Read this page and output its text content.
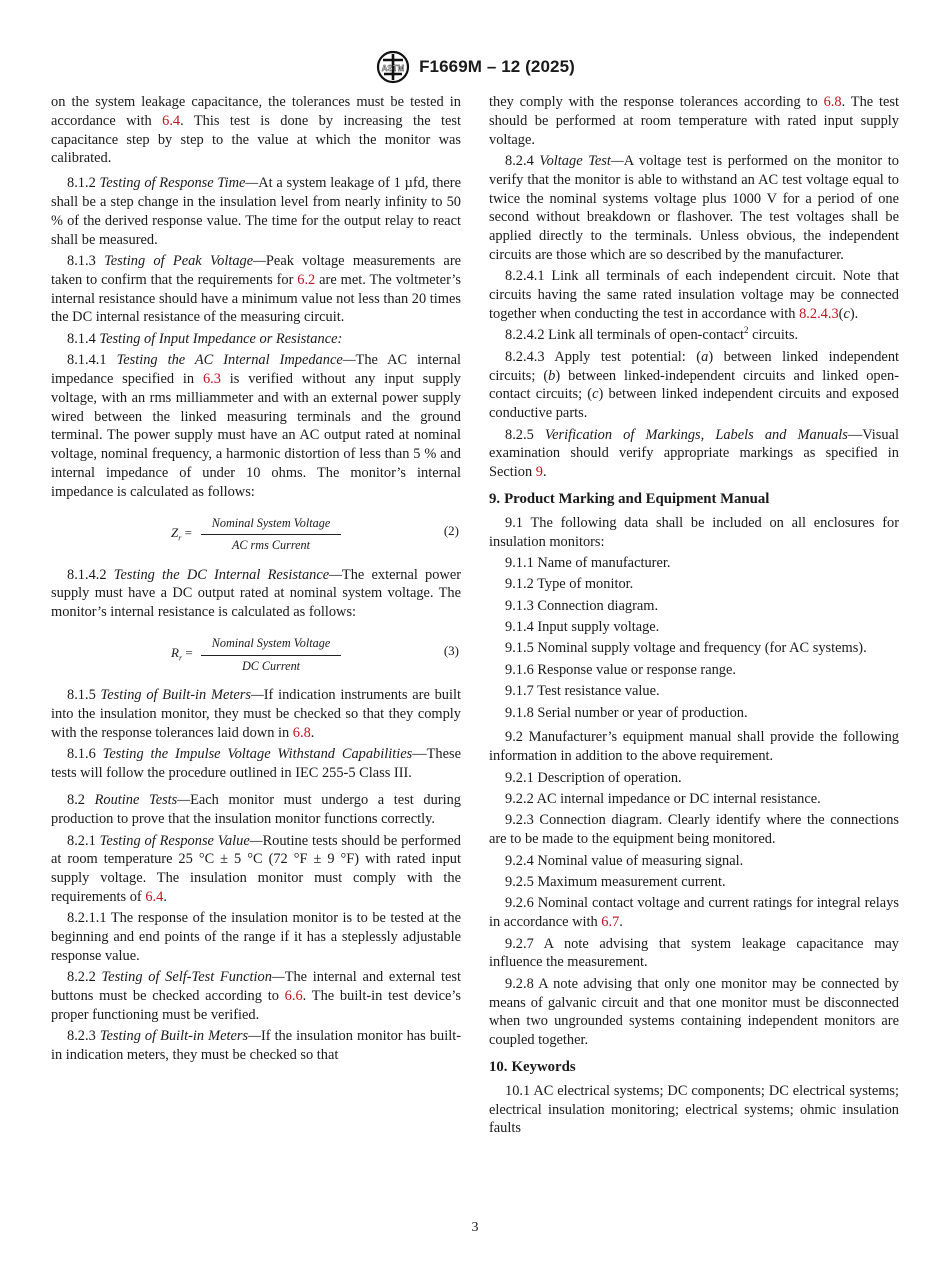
ASTM F1669M – 12 (2025)

on the system leakage capacitance, the tolerances must be tested in accordance with 6.4. This test is done by increasing the test capacitance step by step to the value at which the monitor was calibrated.

8.1.2 Testing of Response Time—At a system leakage of 1 µfd, there shall be a step change in the insulation level from nearly infinity to 50 % of the derived response value. The time for the output relay to react shall be measured.

8.1.3 Testing of Peak Voltage—Peak voltage measurements are taken to confirm that the requirements for 6.2 are met. The voltmeter’s internal resistance should have a minimum value not less than 20 times the DC internal resistance of the measuring circuit.

8.1.4 Testing of Input Impedance or Resistance:

8.1.4.1 Testing the AC Internal Impedance—The AC internal impedance specified in 6.3 is verified without any input supply voltage, with an rms milliammeter and with an external power supply wired between the linked measuring terminals and the ground terminal. The power supply must have an AC output rated at nominal voltage, nominal frequency, a harmonic distortion of less than 5 % and internal impedance of under 10 ohms. The monitor’s internal impedance is calculated as follows:

$Z_r$ =
Nominal System Voltage
AC rms Current
(2)

8.1.4.2 Testing the DC Internal Resistance—The external power supply must have a DC output rated at nominal system voltage. The monitor’s internal resistance is calculated as follows:

$R_r$ =
Nominal System Voltage
DC Current
(3)

8.1.5 Testing of Built-in Meters—If indication instruments are built into the insulation monitor, they must be checked so that they comply with the response tolerances laid down in 6.8.

8.1.6 Testing the Impulse Voltage Withstand Capabilities—These tests will follow the procedure outlined in IEC 255-5 Class III.

8.2 Routine Tests—Each monitor must undergo a test during production to prove that the insulation monitor functions correctly.

8.2.1 Testing of Response Value—Routine tests should be performed at room temperature 25 °C ± 5 °C (72 °F ± 9 °F) with rated input supply voltage. The insulation monitor must comply with the requirements of 6.4.

8.2.1.1 The response of the insulation monitor is to be tested at the beginning and end points of the range if it has a steplessly adjustable response value.

8.2.2 Testing of Self-Test Function—The internal and external test buttons must be checked according to 6.6. The built-in test device’s proper functioning must be verified.

8.2.3 Testing of Built-in Meters—If the insulation monitor has built-in indication meters, they must be checked so that

they comply with the response tolerances according to 6.8. The test should be performed at room temperature with rated input supply voltage.

8.2.4 Voltage Test—A voltage test is performed on the monitor to verify that the monitor is able to withstand an AC test voltage equal to twice the nominal systems voltage plus 1000 V for a period of one second without breakdown or flashover. The test voltages shall be applied directly to the terminals. Unless obvious, the independent circuits are those which are so described by the manufacturer.

8.2.4.1 Link all terminals of each independent circuit. Note that circuits having the same rated insulation voltage may be connected together when conducting the test in accordance with 8.2.4.3(c).

8.2.4.2 Link all terminals of open-contact$^2$ circuits.

8.2.4.3 Apply test potential: (a) between linked independent circuits; (b) between linked-independent circuits and linked open-contact circuits; (c) between linked independent circuits and exposed conductive parts.

8.2.5 Verification of Markings, Labels and Manuals—Visual examination should verify appropriate markings as specified in Section 9.

9. Product Marking and Equipment Manual

9.1 The following data shall be included on all enclosures for insulation monitors:

9.1.1 Name of manufacturer.

9.1.2 Type of monitor.

9.1.3 Connection diagram.

9.1.4 Input supply voltage.

9.1.5 Nominal supply voltage and frequency (for AC systems).

9.1.6 Response value or response range.

9.1.7 Test resistance value.

9.1.8 Serial number or year of production.

9.2 Manufacturer’s equipment manual shall provide the following information in addition to the above requirement.

9.2.1 Description of operation.

9.2.2 AC internal impedance or DC internal resistance.

9.2.3 Connection diagram. Clearly identify where the connections are to be made to the equipment being monitored.

9.2.4 Nominal value of measuring signal.

9.2.5 Maximum measurement current.

9.2.6 Nominal contact voltage and current ratings for integral relays in accordance with 6.7.

9.2.7 A note advising that system leakage capacitance may influence the measurement.

9.2.8 A note advising that only one monitor may be connected by means of galvanic circuit and that one monitor must be disconnected when two ungrounded systems containing independent monitors are coupled together.

10. Keywords

10.1 AC electrical systems; DC components; DC electrical systems; electrical insulation monitoring; electrical systems; ohmic insulation faults

3
